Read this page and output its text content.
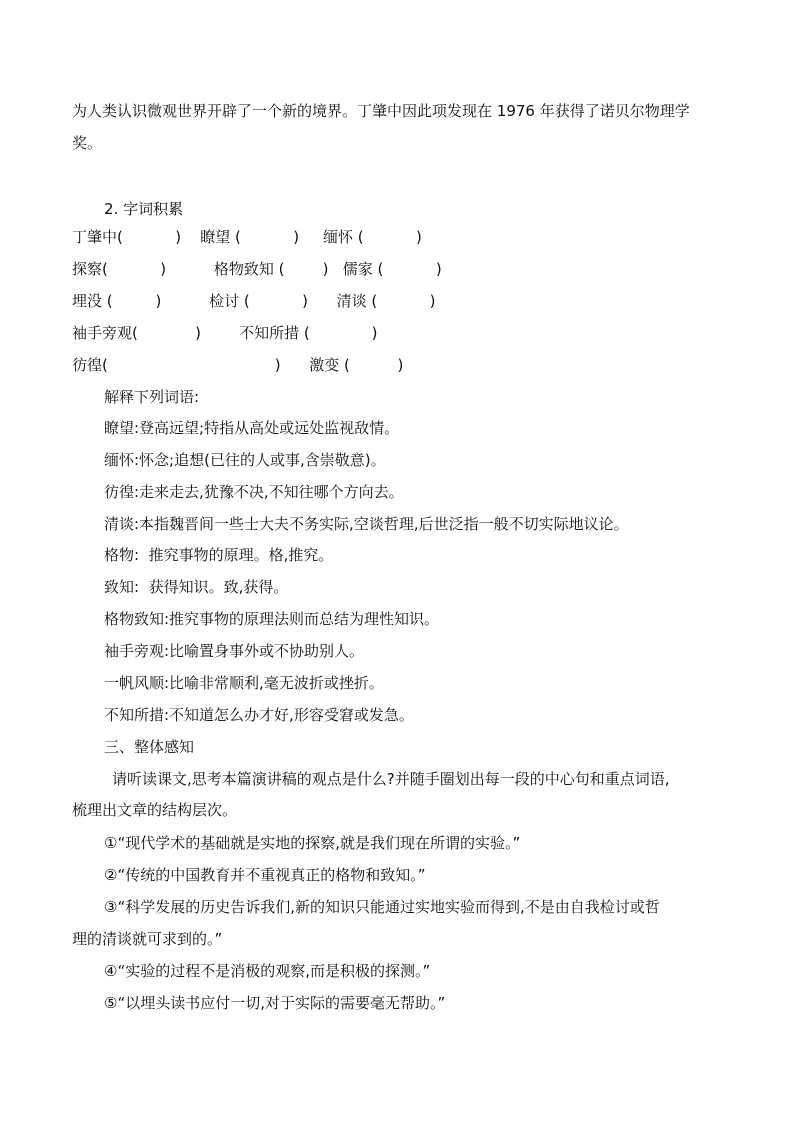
为人类认识微观世界开辟了一个新的境界。丁肇中因此项发现在 1976 年获得了诺贝尔物理学
奖。
2. 字词积累
丁肇中(           )    瞭望 (           )     缅怀 (           )
探察(           )          格物致知 (        )   儒家 (           )
埋没 (         )          检讨 (           )      清谈 (           )
袖手旁观(            )        不知所措 (             )
彷徨(                                   )      激变 (          )
解释下列词语:
瞭望:登高远望;特指从高处或远处监视敌情。
缅怀:怀念;追想(已往的人或事,含崇敬意)。
彷徨:走来走去,犹豫不决,不知往哪个方向去。
清谈:本指魏晋间一些士大夫不务实际,空谈哲理,后世泛指一般不切实际地议论。
格物:  推究事物的原理。格,推究。
致知:  获得知识。致,获得。
格物致知:推究事物的原理法则而总结为理性知识。
袖手旁观:比喻置身事外或不协助别人。
一帆风顺:比喻非常顺利,毫无波折或挫折。
不知所措:不知道怎么办才好,形容受窘或发急。
三、整体感知
请听读课文,思考本篇演讲稿的观点是什么?并随手圈划出每一段的中心句和重点词语,
梳理出文章的结构层次。
①“现代学术的基础就是实地的探察,就是我们现在所谓的实验。”
②“传统的中国教育并不重视真正的格物和致知。”
③“科学发展的历史告诉我们,新的知识只能通过实地实验而得到,不是由自我检讨或哲
理的清谈就可求到的。”
④“实验的过程不是消极的观察,而是积极的探测。”
⑤“以埋头读书应付一切,对于实际的需要毫无帮助。”
